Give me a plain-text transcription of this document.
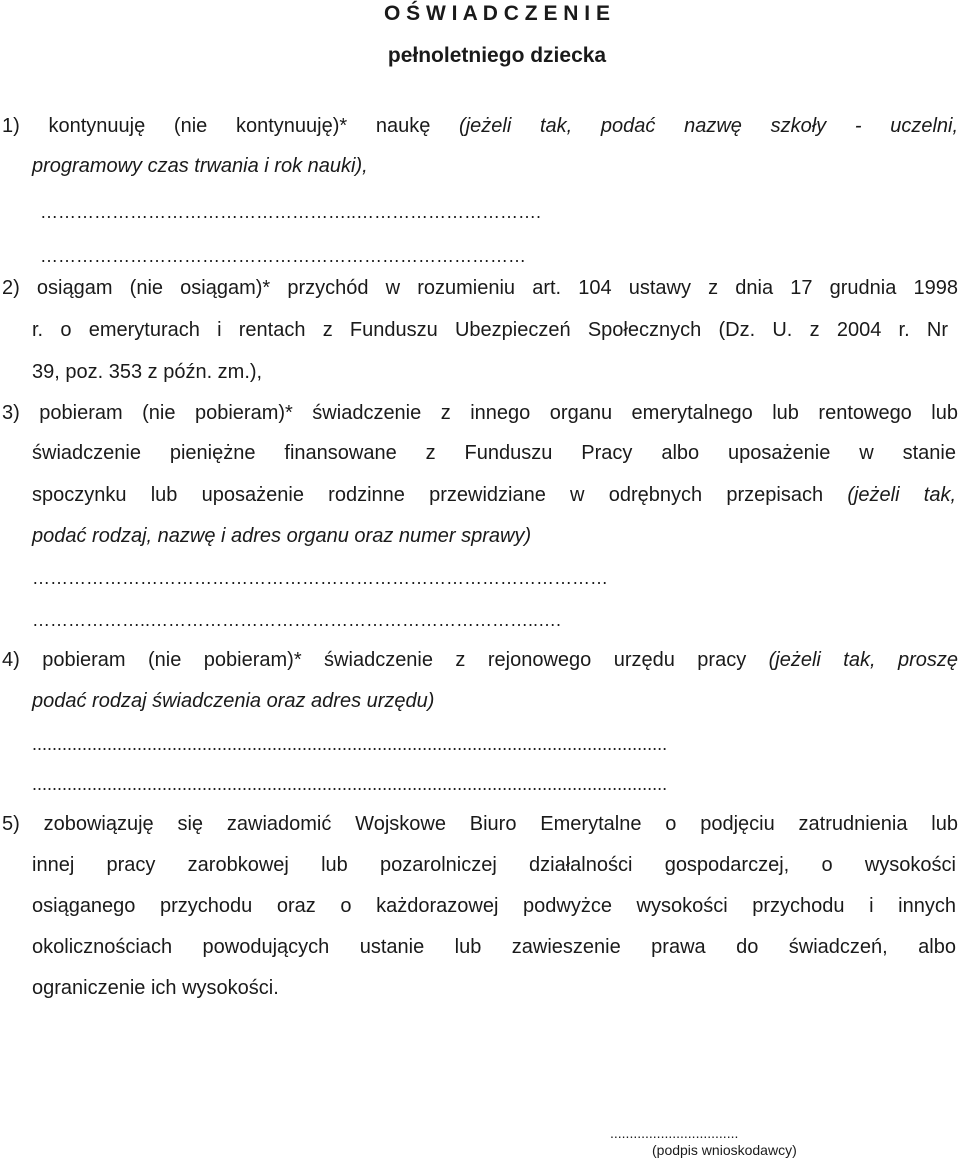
O Ś W I A D C Z E N I E
pełnoletniego dziecka
1) kontynuuję (nie kontynuuję)* naukę (jeżeli tak, podać nazwę szkoły - uczelni,
programowy czas trwania i rok nauki),
……………………………………………..………………………….
………………………………………………………………………
2) osiągam (nie osiągam)* przychód w rozumieniu art. 104 ustawy z dnia 17 grudnia 1998
r. o emeryturach i rentach z Funduszu Ubezpieczeń Społecznych (Dz. U. z 2004 r. Nr
39, poz. 353 z późn. zm.),
3) pobieram (nie pobieram)* świadczenie z innego organu emerytalnego lub rentowego lub
świadczenie pieniężne finansowane z Funduszu Pracy albo uposażenie w stanie
spoczynku lub uposażenie rodzinne przewidziane w odrębnych przepisach (jeżeli tak,
podać rodzaj, nazwę i adres organu oraz numer sprawy)
……………………………………………………………………………………
………………..………………………………………………………..….
4) pobieram (nie pobieram)* świadczenie z rejonowego urzędu pracy (jeżeli tak, proszę
podać rodzaj świadczenia oraz adres urzędu)
...............................................................................................................................
...............................................................................................................................
5) zobowiązuję się zawiadomić Wojskowe Biuro Emerytalne o podjęciu zatrudnienia lub
innej pracy zarobkowej lub pozarolniczej działalności gospodarczej, o wysokości
osiąganego przychodu oraz o każdorazowej podwyżce wysokości przychodu i innych
okolicznościach powodujących ustanie lub zawieszenie prawa do świadczeń, albo
ograniczenie ich wysokości.
.................................
(podpis wnioskodawcy)
